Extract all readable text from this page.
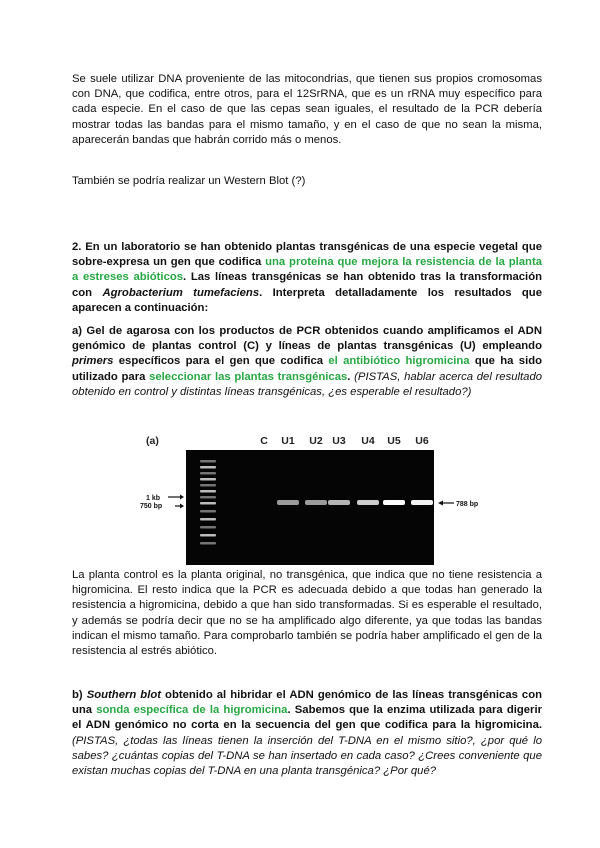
Se suele utilizar DNA proveniente de las mitocondrias, que tienen sus propios cromosomas con DNA, que codifica, entre otros, para el 12SrRNA, que es un rRNA muy específico para cada especie. En el caso de que las cepas sean iguales, el resultado de la PCR debería mostrar todas las bandas para el mismo tamaño, y en el caso de que no sean la misma, aparecerán bandas que habrán corrido más o menos.
También se podría realizar un Western Blot (?)
2. En un laboratorio se han obtenido plantas transgénicas de una especie vegetal que sobre-expresa un gen que codifica una proteína que mejora la resistencia de la planta a estreses abióticos. Las líneas transgénicas se han obtenido tras la transformación con Agrobacterium tumefaciens. Interpreta detalladamente los resultados que aparecen a continuación:
a) Gel de agarosa con los productos de PCR obtenidos cuando amplificamos el ADN genómico de plantas control (C) y líneas de plantas transgénicas (U) empleando primers específicos para el gen que codifica el antibiótico higromicina que ha sido utilizado para seleccionar las plantas transgénicas. (PISTAS, hablar acerca del resultado obtenido en control y distintas líneas transgénicas, ¿es esperable el resultado?)
(a)	C U1 U2 U3 U4 U5 U6
1 kb
750 bp	788 bp
La planta control es la planta original, no transgénica, que indica que no tiene resistencia a higromicina. El resto indica que la PCR es adecuada debido a que todas han generado la resistencia a higromicina, debido a que han sido transformadas. Si es esperable el resultado, y además se podría decir que no se ha amplificado algo diferente, ya que todas las bandas indican el mismo tamaño. Para comprobarlo también se podría haber amplificado el gen de la resistencia al estrés abiótico.
b) Southern blot obtenido al hibridar el ADN genómico de las líneas transgénicas con una sonda específica de la higromicina. Sabemos que la enzima utilizada para digerir el ADN genómico no corta en la secuencia del gen que codifica para la higromicina. (PISTAS, ¿todas las líneas tienen la inserción del T-DNA en el mismo sitio?, ¿por qué lo sabes? ¿cuántas copias del T-DNA se han insertado en cada caso? ¿Crees conveniente que existan muchas copias del T-DNA en una planta transgénica? ¿Por qué?
